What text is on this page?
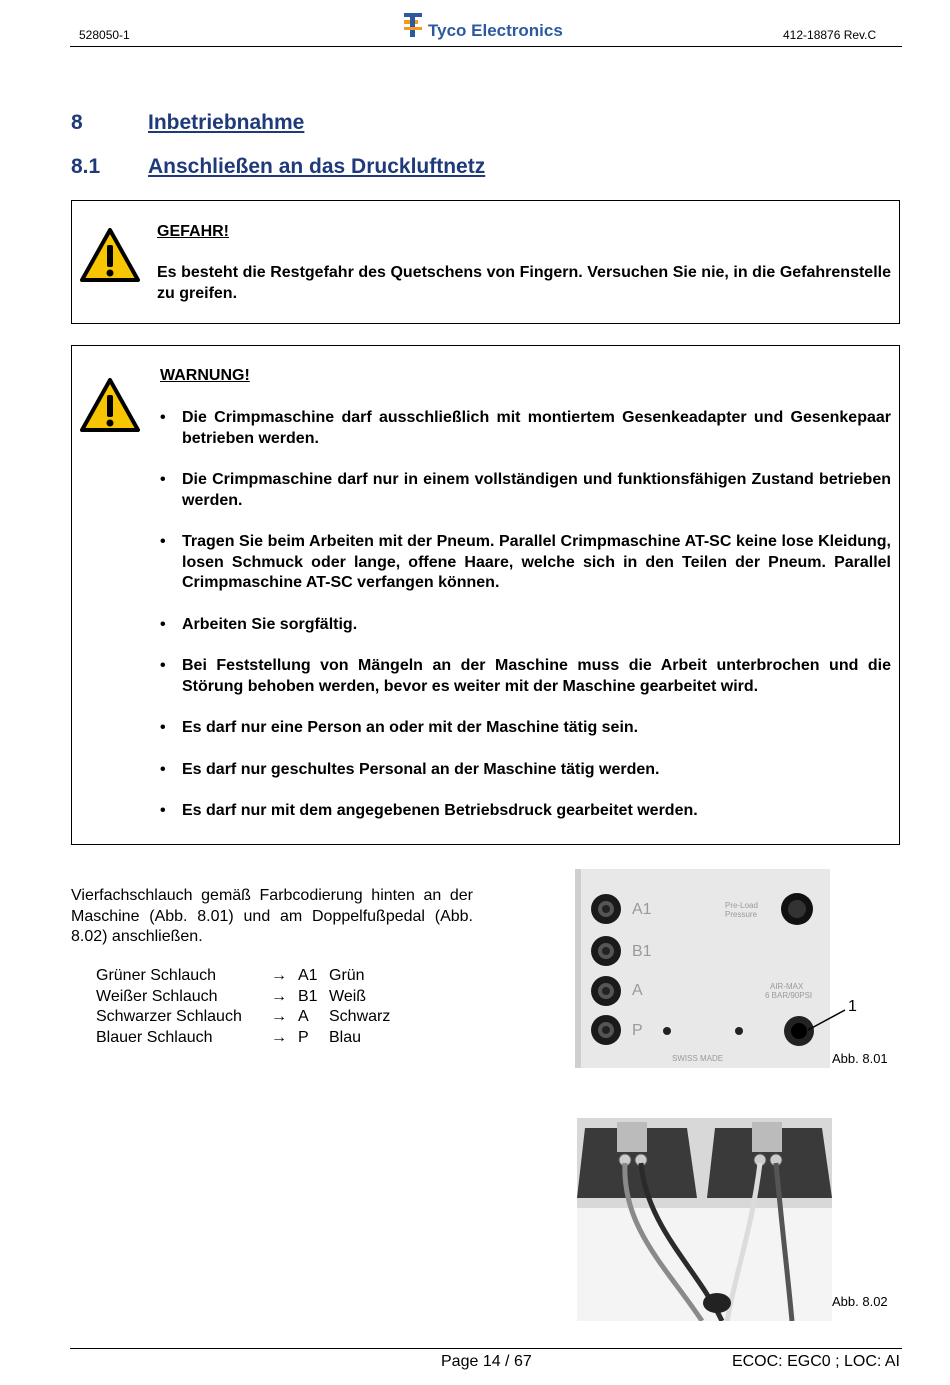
528050-1	Tyco Electronics	412-18876 Rev.C
8	Inbetriebnahme
8.1 Anschließen an das Druckluftnetz
GEFAHR!
Es besteht die Restgefahr des Quetschens von Fingern. Versuchen Sie nie, in die Gefahrenstelle zu greifen.
WARNUNG!
• Die Crimpmaschine darf ausschließlich mit montiertem Gesenkeadapter und Gesenkepaar betrieben werden.
• Die Crimpmaschine darf nur in einem vollständigen und funktionsfähigen Zustand betrieben werden.
• Tragen Sie beim Arbeiten mit der Pneum. Parallel Crimpmaschine AT-SC keine lose Kleidung, losen Schmuck oder lange, offene Haare, welche sich in den Teilen der Pneum. Parallel Crimpmaschine AT-SC verfangen können.
• Arbeiten Sie sorgfältig.
• Bei Feststellung von Mängeln an der Maschine muss die Arbeit unterbrochen und die Störung behoben werden, bevor es weiter mit der Maschine gearbeitet wird.
• Es darf nur eine Person an oder mit der Maschine tätig sein.
• Es darf nur geschultes Personal an der Maschine tätig werden.
• Es darf nur mit dem angegebenen Betriebsdruck gearbeitet werden.
Vierfachschlauch gemäß Farbcodierung hinten an der Maschine (Abb. 8.01) und am Doppelfußpedal (Abb. 8.02) anschließen.
Grüner Schlauch	→	A1	Grün
Weißer Schlauch	→	B1	Weiß
Schwarzer Schlauch	→	A	Schwarz
Blauer Schlauch	→	P	Blau
A1
B1
A
P
Pre-Load
Pressure
AIR-MAX
6 BAR/90PSI
SWISS MADE
1
Abb. 8.01
Abb. 8.02
Page 14 / 67	ECOC: EGC0 ; LOC: AI
